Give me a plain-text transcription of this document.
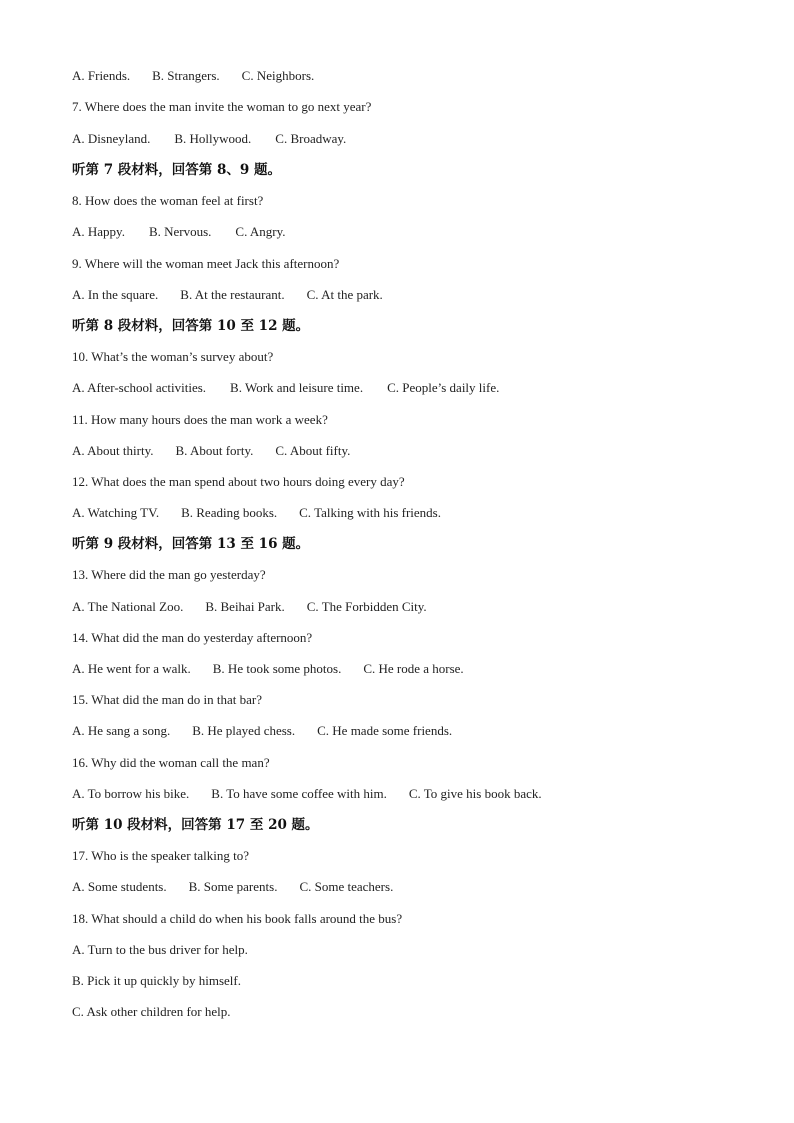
A. Friends. B. Strangers. C. Neighbors.
7. Where does the man invite the woman to go next year?
A. Disneyland. B. Hollywood. C. Broadway.
听第 7 段材料，回答第 8、9 题。
8. How does the woman feel at first?
A. Happy. B. Nervous. C. Angry.
9. Where will the woman meet Jack this afternoon?
A. In the square. B. At the restaurant. C. At the park.
听第 8 段材料，回答第 10 至 12 题。
10. What’s the woman’s survey about?
A. After-school activities. B. Work and leisure time. C. People’s daily life.
11. How many hours does the man work a week?
A. About thirty. B. About forty. C. About fifty.
12. What does the man spend about two hours doing every day?
A. Watching TV. B. Reading books. C. Talking with his friends.
听第 9 段材料，回答第 13 至 16 题。
13. Where did the man go yesterday?
A. The National Zoo. B. Beihai Park. C. The Forbidden City.
14. What did the man do yesterday afternoon?
A. He went for a walk. B. He took some photos. C. He rode a horse.
15. What did the man do in that bar?
A. He sang a song. B. He played chess. C. He made some friends.
16. Why did the woman call the man?
A. To borrow his bike. B. To have some coffee with him. C. To give his book back.
听第 10 段材料，回答第 17 至 20 题。
17. Who is the speaker talking to?
A. Some students. B. Some parents. C. Some teachers.
18. What should a child do when his book falls around the bus?
A. Turn to the bus driver for help.
B. Pick it up quickly by himself.
C. Ask other children for help.
